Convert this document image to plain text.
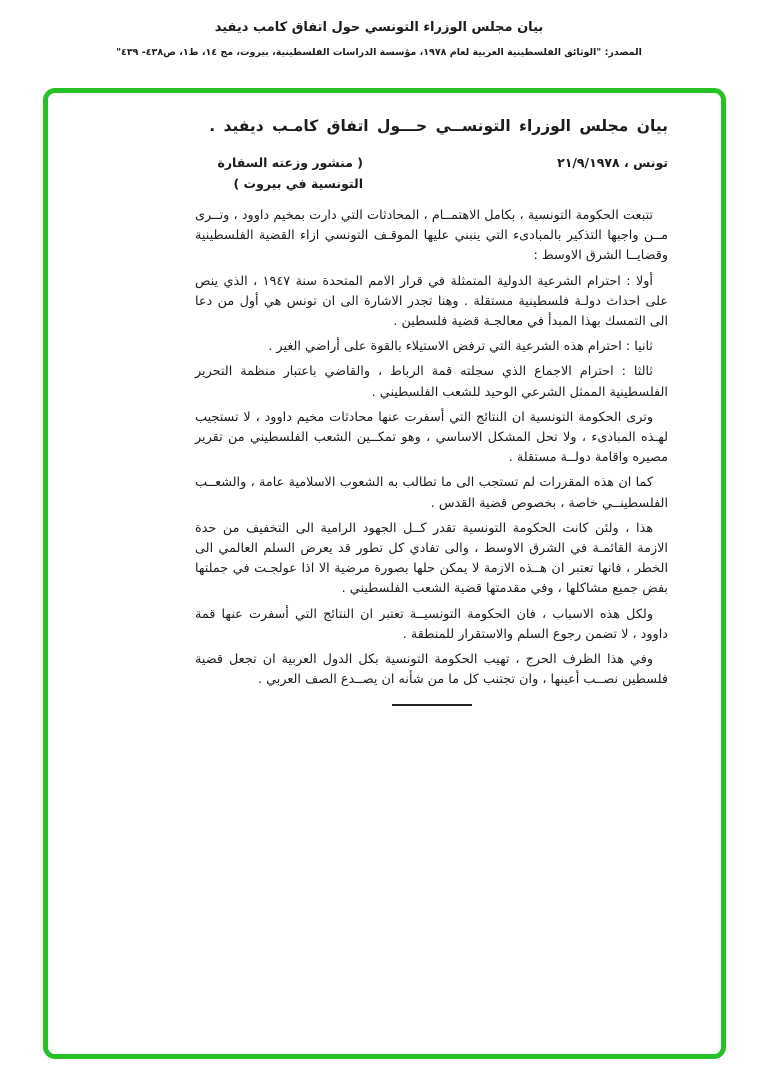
بيان مجلس الوزراء التونسي حول اتفاق كامب ديفيد
المصدر: "الوثائق الفلسطينية العربية لعام ١٩٧٨، مؤسسة الدراسات الفلسطينية، بيروت، مج ١٤، ط١، ص٤٣٨- ٤٣٩"
بيان مجلس الوزراء التونســي حـــول اتفاق كامـب ديفيد .
تونس ، ٢١/٩/١٩٧٨
( منشور وزعته السفارة التونسية في بيروت )
تتبعت الحكومة التونسية ، بكامل الاهتمــام ، المحادثات التي دارت بمخيم داوود ، وتــرى مــن واجبها التذكير بالمبادىء التي ينبني عليها الموقـف التونسي ازاء القضية الفلسطينية وقضايــا الشرق الاوسط :
أولا : احترام الشرعية الدولية المتمثلة في قرار الامم المتحدة سنة ١٩٤٧ ، الذي ينص على احداث دولـة فلسطينية مستقلة . وهنا تجدر الاشارة الى ان تونس هي أول من دعا الى التمسك بهذا المبدأ في معالجـة قضية فلسطين .
ثانيا : احترام هذه الشرعية التي ترفض الاستيلاء بالقوة على أراضي الغير .
ثالثا : احترام الاجماع الذي سجلته قمة الرباط ، والقاضي باعتبار منظمة التحرير الفلسطينية الممثل الشرعي الوحيد للشعب الفلسطيني .
وترى الحكومة التونسية ان النتائج التي أسفرت عنها محادثات مخيم داوود ، لا تستجيب لهـذه المبادىء ، ولا تحل المشكل الاساسي ، وهو تمكــين الشعب الفلسطيني من تقرير مصيره واقامة دولــة مستقلة .
كما ان هذه المقررات لم تستجب الى ما تطالب به الشعوب الاسلامية عامة ، والشعــب الفلسطينــي خاصة ، بخصوص قضية القدس .
هذا ، ولئن كانت الحكومة التونسية تقدر كــل الجهود الرامية الى التخفيف من حدة الازمة القائمـة في الشرق الاوسط ، والى تفادي كل تطور قد يعرض السلم العالمي الى الخطر ، فانها تعتبر ان هــذه الازمة لا يمكن حلها بصورة مرضية الا اذا عولجـت في جملتها بفض جميع مشاكلها ، وفي مقدمتها قضية الشعب الفلسطيني .
ولكل هذه الاسباب ، فان الحكومة التونسيــة تعتبر ان النتائج التي أسفرت عنها قمة داوود ، لا تضمن رجوع السلم والاستقرار للمنطقة .
وفي هذا الظرف الحرج ، تهيب الحكومة التونسية بكل الدول العربية ان تجعل قضية فلسطين نصــب أعينها ، وان تجتنب كل ما من شأنه ان يصــدع الصف العربي .
